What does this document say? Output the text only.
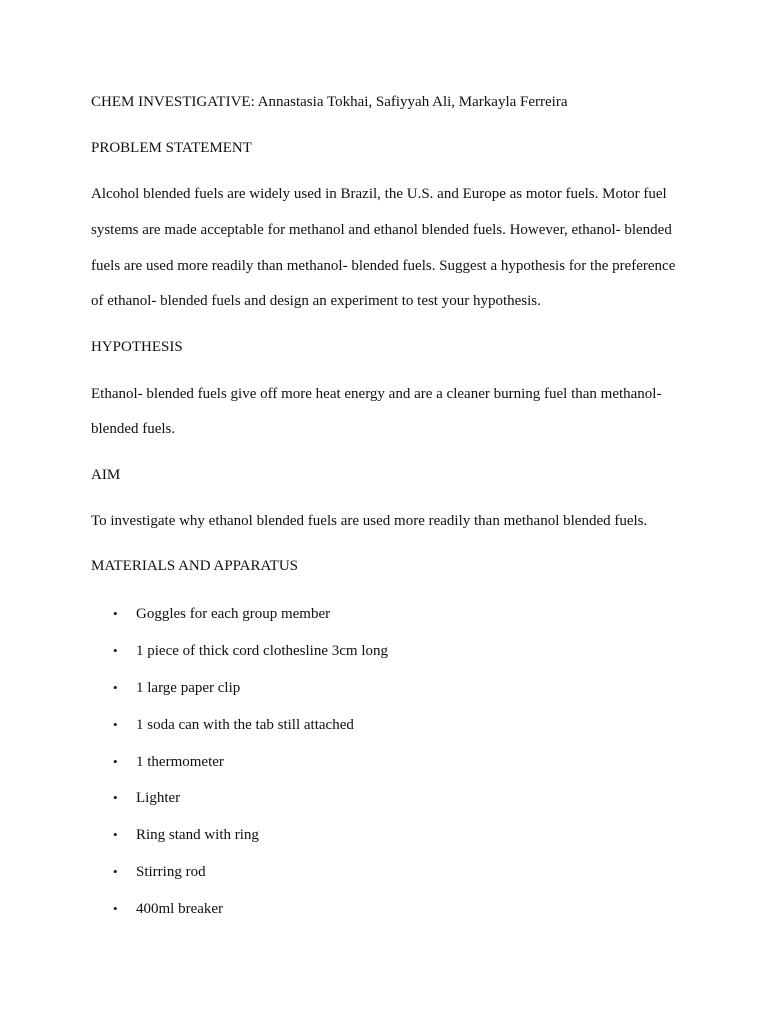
CHEM INVESTIGATIVE: Annastasia Tokhai, Safiyyah Ali, Markayla Ferreira
PROBLEM STATEMENT
Alcohol blended fuels are widely used in Brazil, the U.S. and Europe as motor fuels. Motor fuel
systems are made acceptable for methanol and ethanol blended fuels. However, ethanol- blended
fuels are used more readily than methanol- blended fuels. Suggest a hypothesis for the preference
of ethanol- blended fuels and design an experiment to test your hypothesis.
HYPOTHESIS
Ethanol- blended fuels give off more heat energy and are a cleaner burning fuel than methanol-
blended fuels.
AIM
To investigate why ethanol blended fuels are used more readily than methanol blended fuels.
MATERIALS AND APPARATUS
• Goggles for each group member
• 1 piece of thick cord clothesline 3cm long
• 1 large paper clip
• 1 soda can with the tab still attached
• 1 thermometer
• Lighter
• Ring stand with ring
• Stirring rod
• 400ml breaker
